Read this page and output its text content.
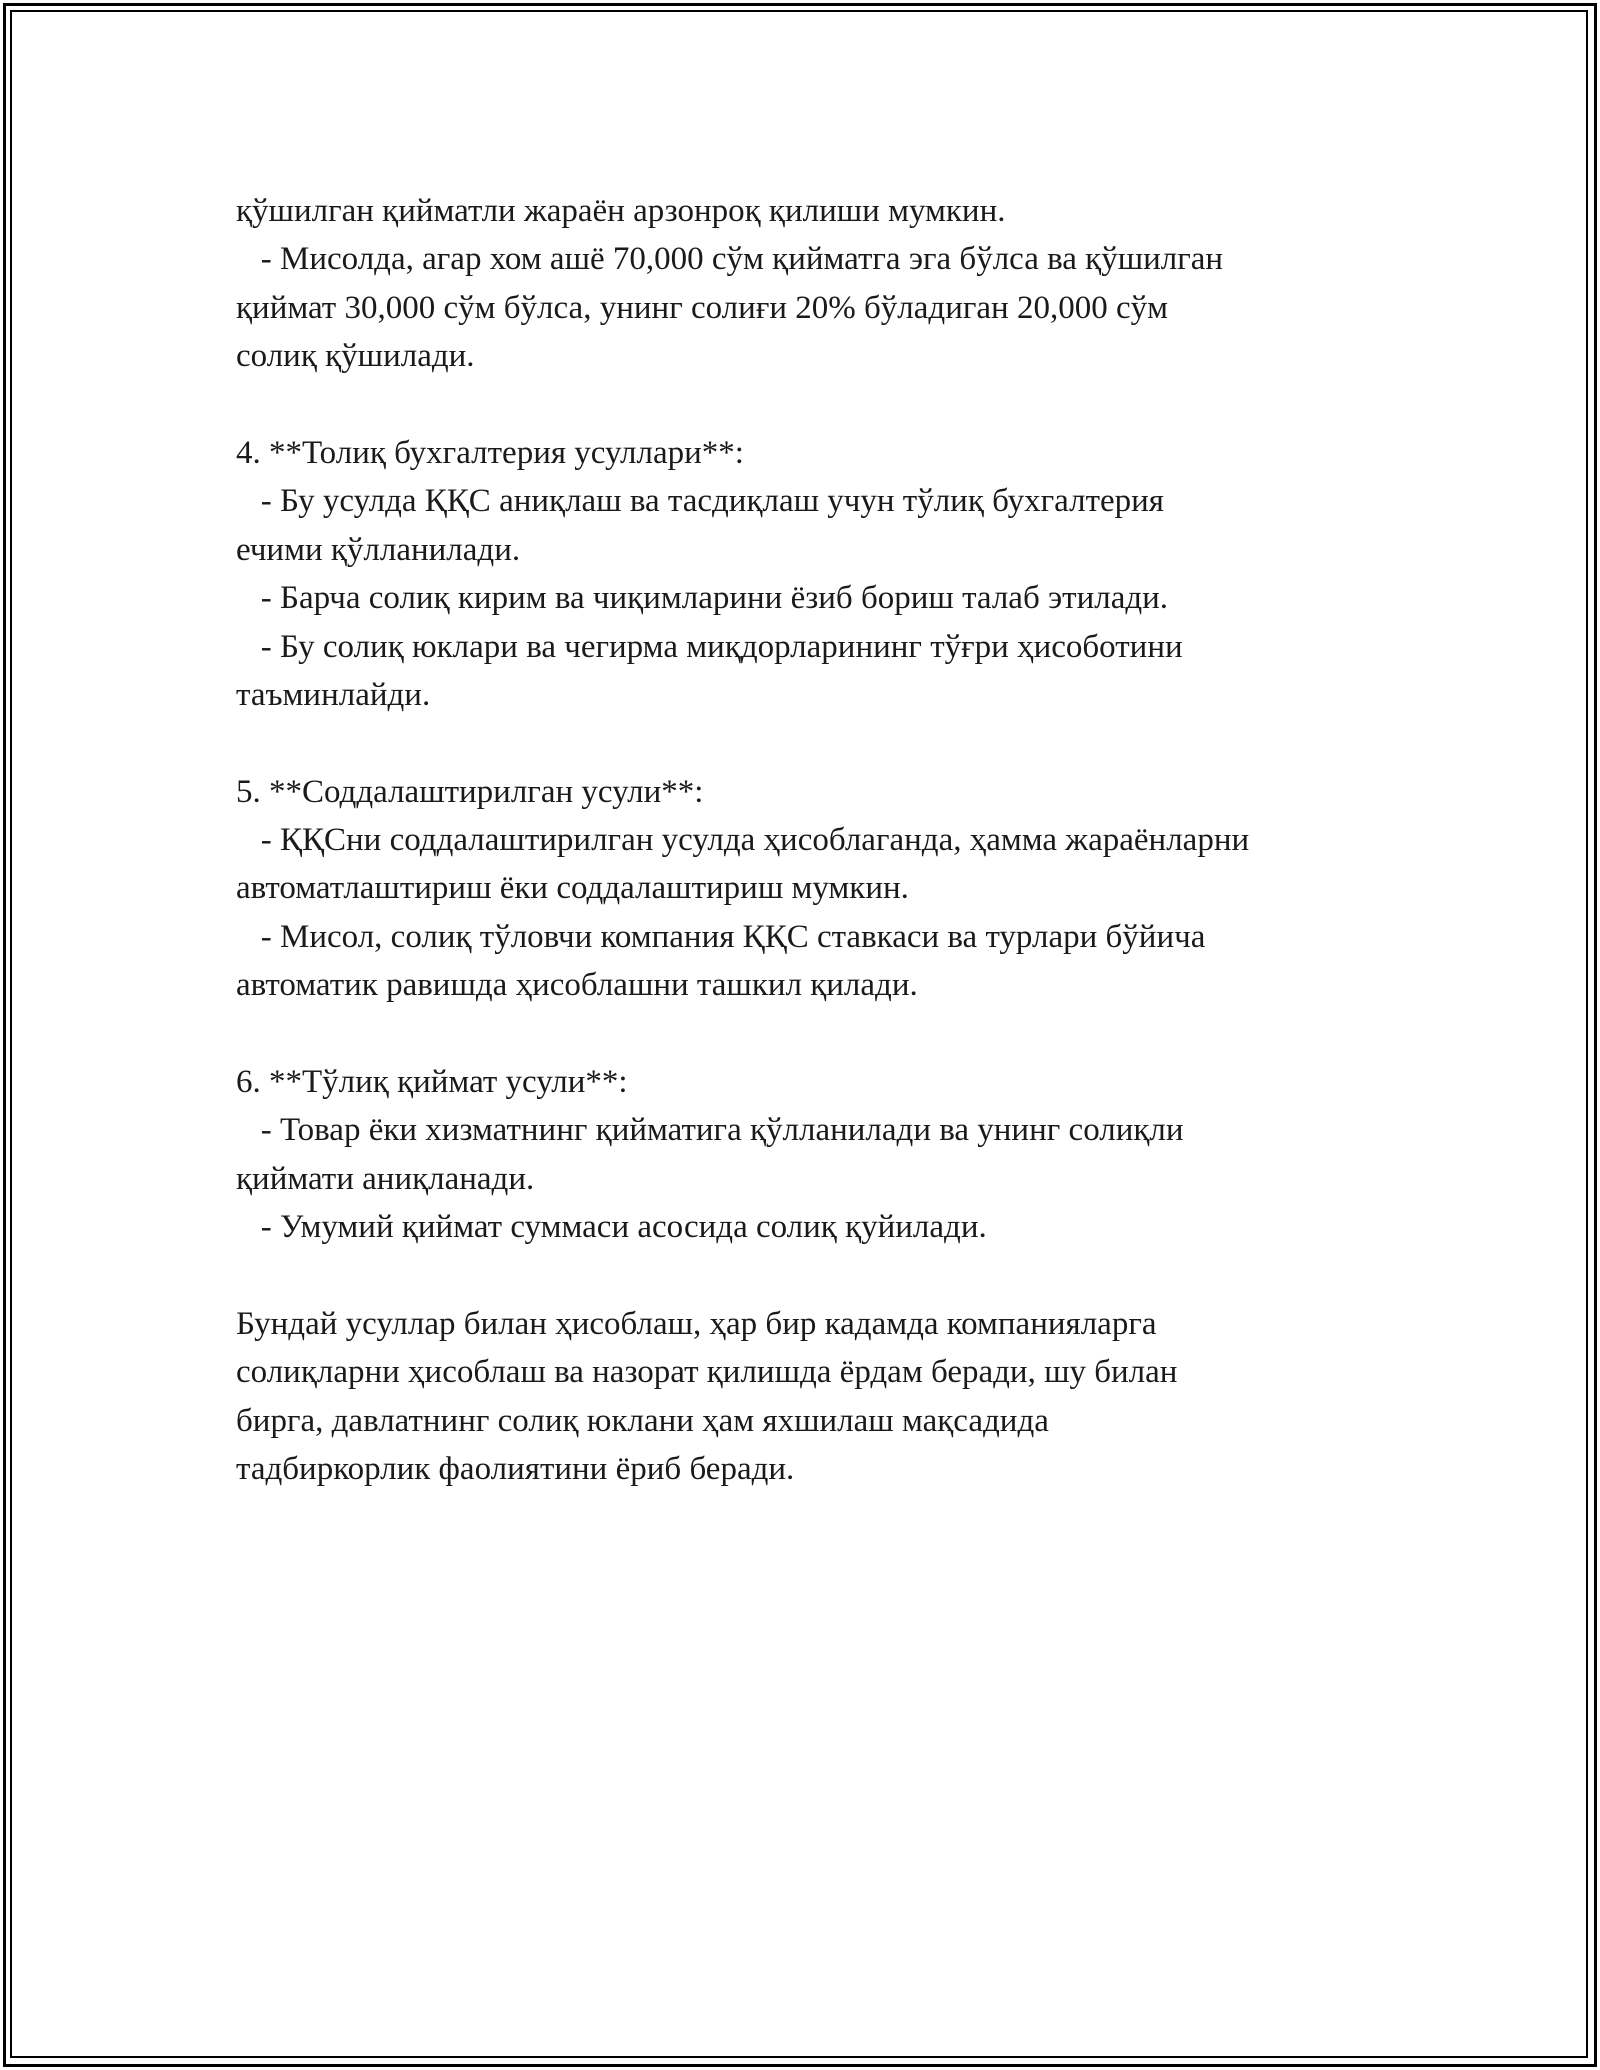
қўшилган қийматли жараён арзонроқ қилиши мумкин.
- Мисолда, агар хом ашё 70,000 сўм қийматга эга бўлса ва қўшилган
қиймат 30,000 сўм бўлса, унинг солиғи 20% бўладиган 20,000 сўм
солиқ қўшилади.
4. **Толиқ бухгалтерия усуллари**:
- Бу усулда ҚҚС аниқлаш ва тасдиқлаш учун тўлиқ бухгалтерия
ечими қўлланилади.
- Барча солиқ кирим ва чиқимларини ёзиб бориш талаб этилади.
- Бу солиқ юклари ва чегирма миқдорларининг тўғри ҳисоботини
таъминлайди.
5. **Соддалаштирилган усули**:
- ҚҚСни соддалаштирилган усулда ҳисоблаганда, ҳамма жараёнларни
автоматлаштириш ёки соддалаштириш мумкин.
- Мисол, солиқ тўловчи компания ҚҚС ставкаси ва турлари бўйича
автоматик равишда ҳисоблашни ташкил қилади.
6. **Тўлиқ қиймат усули**:
- Товар ёки хизматнинг қийматига қўлланилади ва унинг солиқли
қиймати аниқланади.
- Умумий қиймат суммаси асосида солиқ қуйилади.
Бундай усуллар билан ҳисоблаш, ҳар бир кадамда компанияларга
солиқларни ҳисоблаш ва назорат қилишда ёрдам беради, шу билан
бирга, давлатнинг солиқ юклани ҳам яхшилаш мақсадида
тадбиркорлик фаолиятини ёриб беради.
